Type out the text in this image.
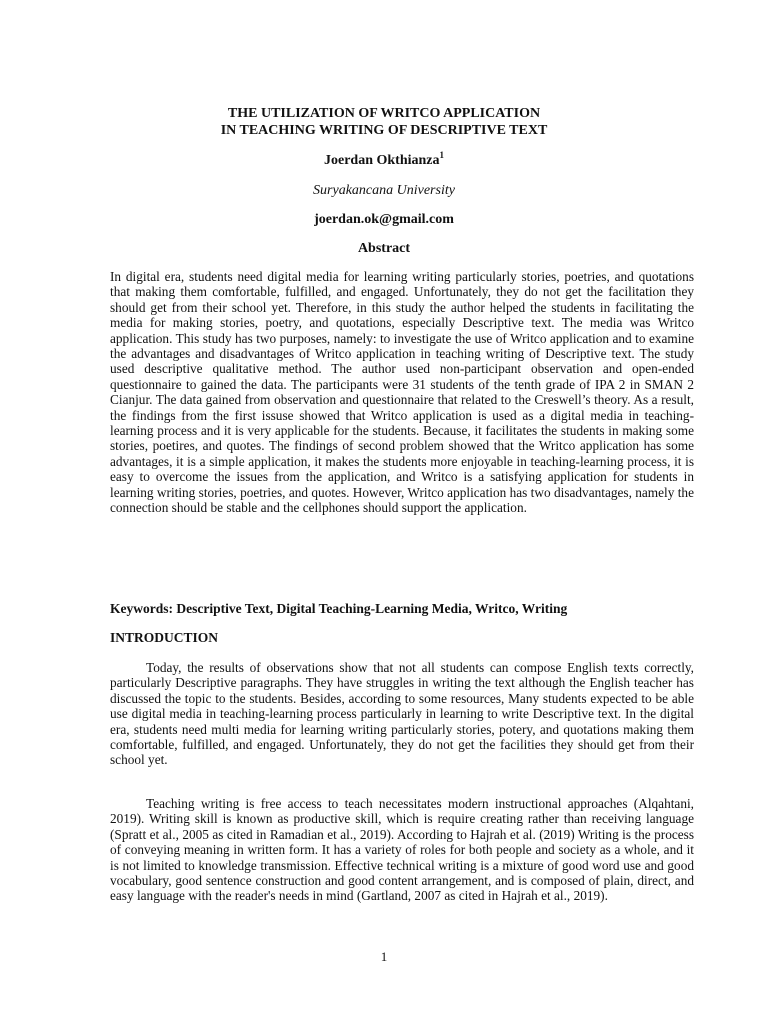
THE UTILIZATION OF WRITCO APPLICATION

IN TEACHING WRITING OF DESCRIPTIVE TEXT

Joerdan Okthianza$^1$

Suryakancana University

joerdan.ok@gmail.com

Abstract

In digital era, students need digital media for learning writing particularly stories, poetries, and quotations that making them comfortable, fulfilled, and engaged. Unfortunately, they do not get the facilitation they should get from their school yet. Therefore, in this study the author helped the students in facilitating the media for making stories, poetry, and quotations, especially Descriptive text. The media was Writco application. This study has two purposes, namely: to investigate the use of Writco application and to examine the advantages and disadvantages of Writco application in teaching writing of Descriptive text. The study used descriptive qualitative method. The author used non-participant observation and open-ended questionnaire to gained the data. The participants were 31 students of the tenth grade of IPA 2 in SMAN 2 Cianjur. The data gained from observation and questionnaire that related to the Creswell’s theory. As a result, the findings from the first issuse showed that Writco application is used as a digital media in teaching-learning process and it is very applicable for the students. Because, it facilitates the students in making some stories, poetires, and quotes. The findings of second problem showed that the Writco application has some advantages, it is a simple application, it makes the students more enjoyable in teaching-learning process, it is easy to overcome the issues from the application, and Writco is a satisfying application for students in learning writing stories, poetries, and quotes. However, Writco application has two disadvantages, namely the connection should be stable and the cellphones should support the application.

Keywords: Descriptive Text, Digital Teaching-Learning Media, Writco, Writing

INTRODUCTION

Today, the results of observations show that not all students can compose English texts correctly, particularly Descriptive paragraphs. They have struggles in writing the text although the English teacher has discussed the topic to the students. Besides, according to some resources, Many students expected to be able use digital media in teaching-learning process particularly in learning to write Descriptive text. In the digital era, students need multi media for learning writing particularly stories, potery, and quotations making them comfortable, fulfilled, and engaged. Unfortunately, they do not get the facilities they should get from their school yet.

Teaching writing is free access to teach necessitates modern instructional approaches (Alqahtani, 2019). Writing skill is known as productive skill, which is require creating rather than receiving language (Spratt et al., 2005 as cited in Ramadian et al., 2019). According to Hajrah et al. (2019) Writing is the process of conveying meaning in written form. It has a variety of roles for both people and society as a whole, and it is not limited to knowledge transmission. Effective technical writing is a mixture of good word use and good vocabulary, good sentence construction and good content arrangement, and is composed of plain, direct, and easy language with the reader's needs in mind (Gartland, 2007 as cited in Hajrah et al., 2019).

1
